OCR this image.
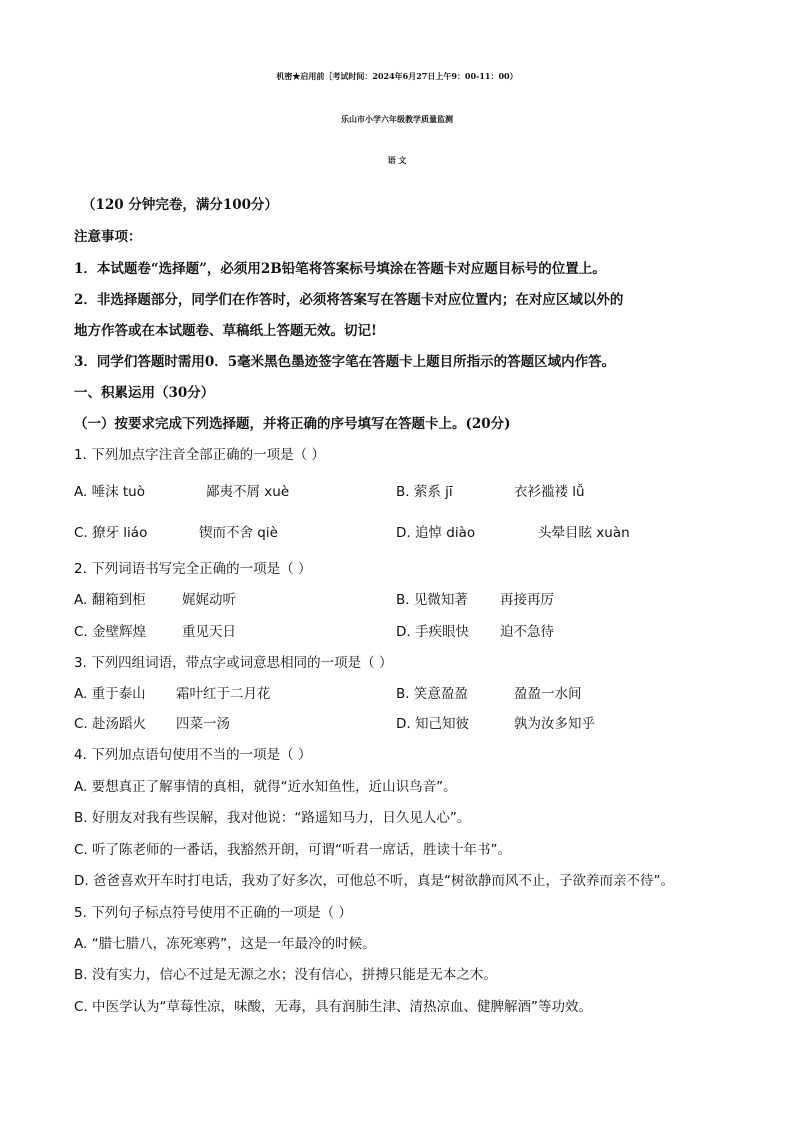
机密★启用前［考试时间：2024年6月27日上午9：00-11：00）
乐山市小学六年级教学质量监测
语 文
（120 分钟完卷，满分100分）
注意事项：
1．本试题卷“选择题”，必须用2B铅笔将答案标号填涂在答题卡对应题目标号的位置上。
2．非选择题部分，同学们在作答时，必须将答案写在答题卡对应位置内；在对应区域以外的
地方作答或在本试题卷、草稿纸上答题无效。切记!
3．同学们答题时需用0．5毫米黑色墨迹签字笔在答题卡上题目所指示的答题区域内作答。
一、积累运用（30分）
（一）按要求完成下列选择题，并将正确的序号填写在答题卡上。(20分)
1. 下列加点字注音全部正确的一项是（ ）
A. 唾沫 tuò	鄙夷不屑 xuè	B. 萦系 jī	衣衫褴褛 lǚ
C. 獠牙 liáo	锲而不舍 qiè	D. 追悼 diào	头晕目眩 xuàn
2. 下列词语书写完全正确的一项是（ ）
A. 翻箱到柜	娓娓动听	B. 见微知著 再接再厉
C. 金壁辉煌	重见天日	D. 手疾眼快 迫不急待
3. 下列四组词语，带点字或词意思相同的一项是（ ）
A. 重于泰山 霜叶红于二月花	B. 笑意盈盈	盈盈一水间
C. 赴汤蹈火 四菜一汤	D. 知己知彼	孰为汝多知乎
4. 下列加点语句使用不当的一项是（ ）
A. 要想真正了解事情的真相，就得“近水知鱼性，近山识鸟音”。
B. 好朋友对我有些误解，我对他说：“路遥知马力，日久见人心”。
C. 听了陈老师的一番话，我豁然开朗，可谓“听君一席话，胜读十年书”。
D. 爸爸喜欢开车时打电话，我劝了好多次，可他总不听，真是“树欲静而风不止，子欲养而亲不待”。
5. 下列句子标点符号使用不正确的一项是（ ）
A. “腊七腊八，冻死寒鸦”，这是一年最冷的时候。
B. 没有实力，信心不过是无源之水；没有信心，拼搏只能是无本之木。
C. 中医学认为“草莓性凉，味酸，无毒，具有润肺生津、清热凉血、健脾解酒”等功效。
